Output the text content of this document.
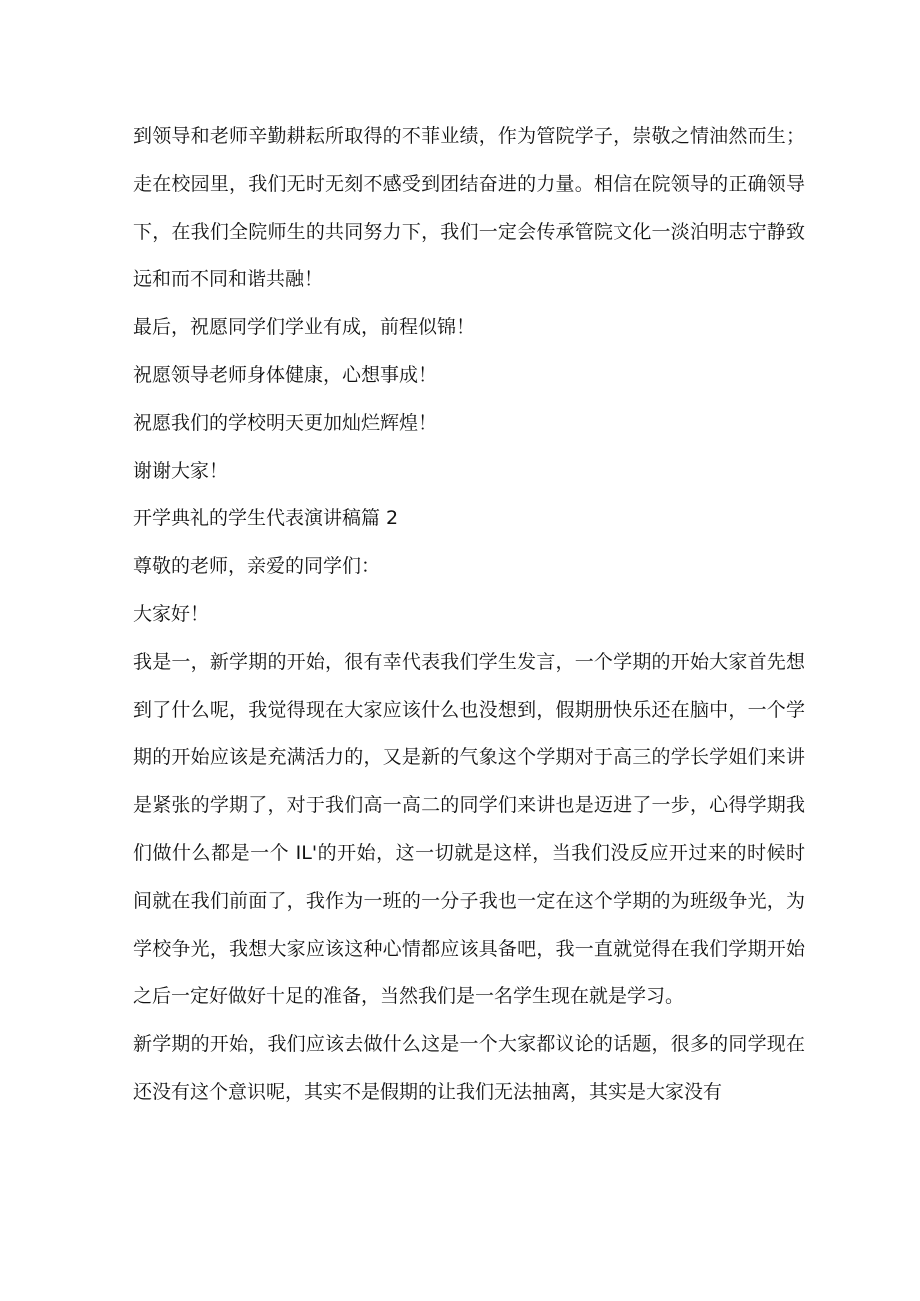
到领导和老师辛勤耕耘所取得的不菲业绩，作为管院学子，崇敬之情油然而生；走在校园里，我们无时无刻不感受到团结奋进的力量。相信在院领导的正确领导下，在我们全院师生的共同努力下，我们一定会传承管院文化一淡泊明志宁静致远和而不同和谐共融！

最后，祝愿同学们学业有成，前程似锦！

祝愿领导老师身体健康，心想事成！

祝愿我们的学校明天更加灿烂辉煌！

谢谢大家！

开学典礼的学生代表演讲稿篇 2

尊敬的老师，亲爱的同学们：

大家好！

我是一，新学期的开始，很有幸代表我们学生发言，一个学期的开始大家首先想到了什么呢，我觉得现在大家应该什么也没想到，假期册快乐还在脑中，一个学期的开始应该是充满活力的，又是新的气象这个学期对于高三的学长学姐们来讲是紧张的学期了，对于我们高一高二的同学们来讲也是迈进了一步，心得学期我们做什么都是一个 IL'的开始，这一切就是这样，当我们没反应开过来的时候时间就在我们前面了，我作为一班的一分子我也一定在这个学期的为班级争光，为学校争光，我想大家应该这种心情都应该具备吧，我一直就觉得在我们学期开始之后一定好做好十足的准备，当然我们是一名学生现在就是学习。

新学期的开始，我们应该去做什么这是一个大家都议论的话题，很多的同学现在还没有这个意识呢，其实不是假期的让我们无法抽离，其实是大家没有
